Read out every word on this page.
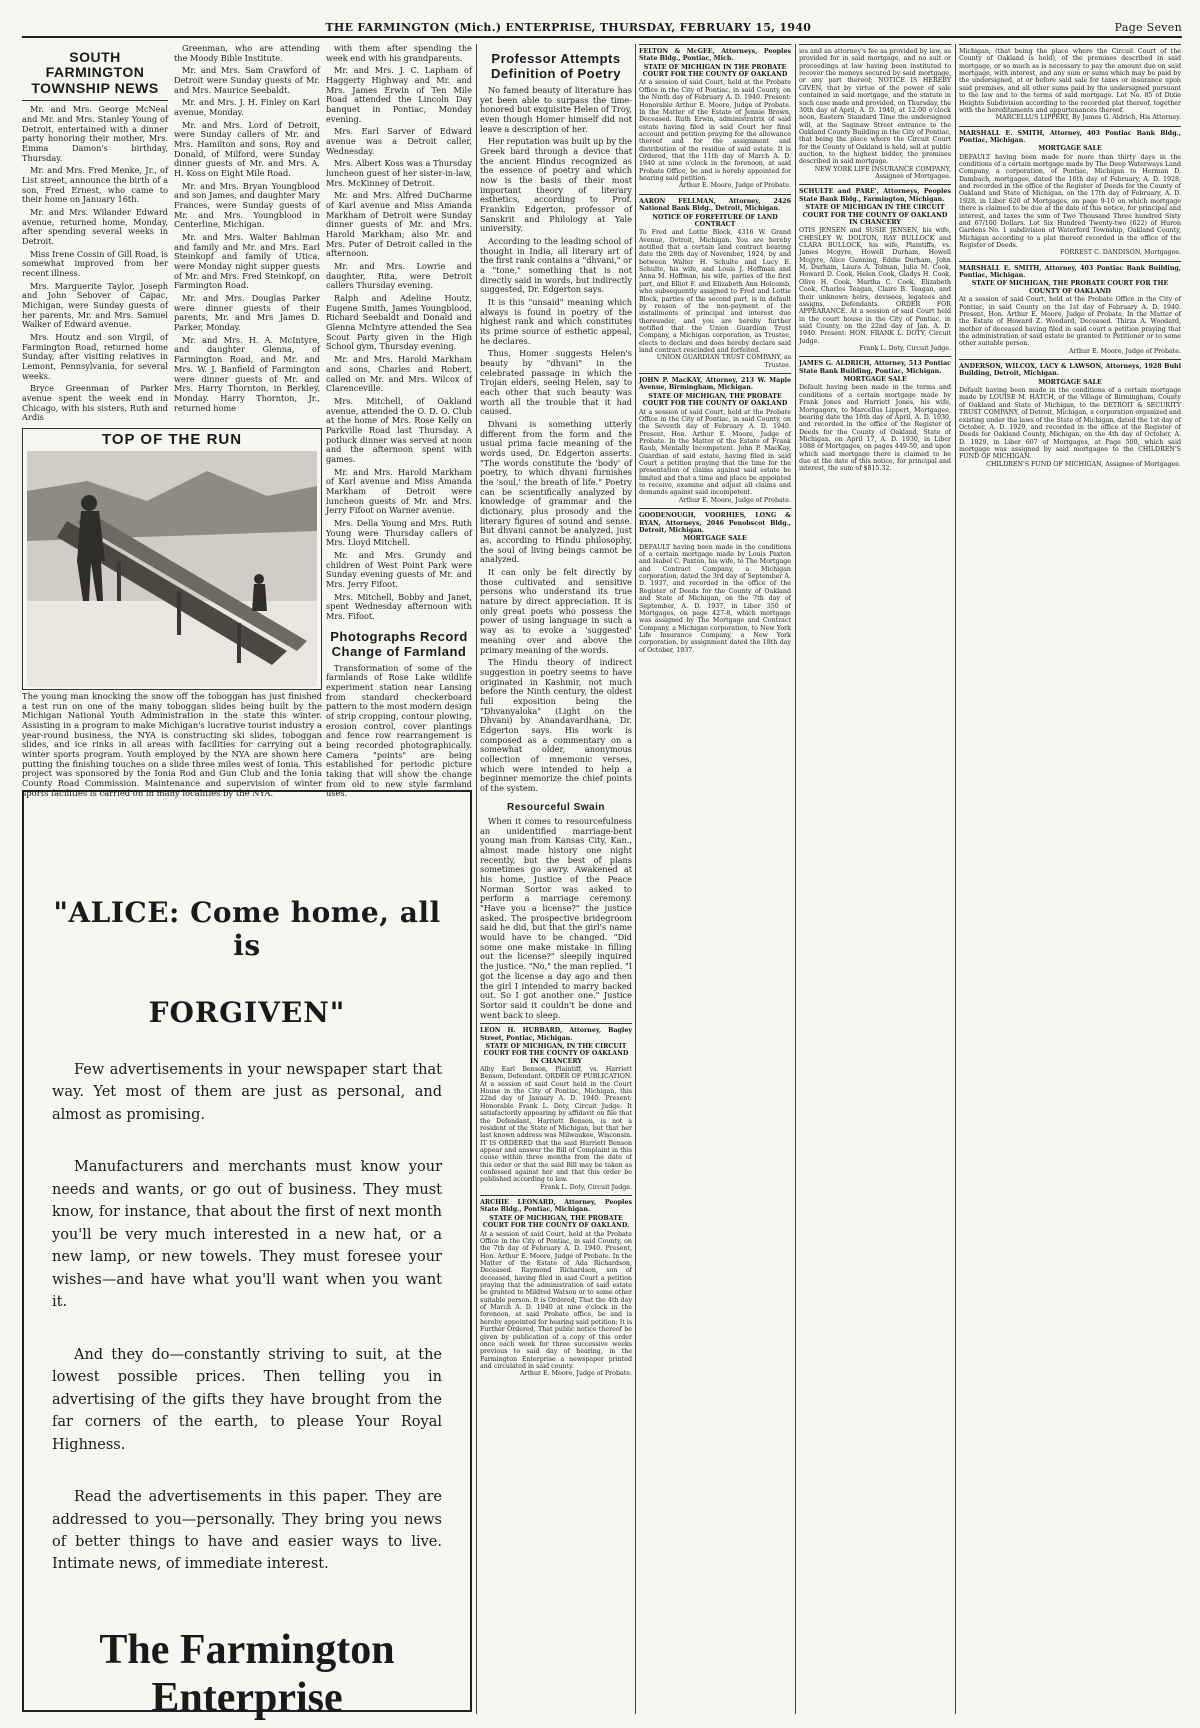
THE FARMINGTON (Mich.) ENTERPRISE, THURSDAY, FEBRUARY 15, 1940	Page Seven
SOUTH FARMINGTON TOWNSHIP NEWS

Mr. and Mrs. George McNeal and Mr. and Mrs. Stanley Young of Detroit, entertained with a dinner party honoring their mother, Mrs. Emma Damon's birthday, Thursday.

Mr. and Mrs. Fred Menke, Jr., of List street, announce the birth of a son, Fred Ernest, who came to their home on January 16th.

Mr. and Mrs. Wilander Edward avenue, returned home, Monday, after spending several weeks in Detroit.

Miss Irene Cossin of Gill Road, is somewhat improved from her recent illness.

Mrs. Marguerite Taylor, Joseph and John Sebover of Capac, Michigan, were Sunday guests of her parents, Mr. and Mrs. Samuel Walker of Edward avenue.

Mrs. Houtz and son Virgil, of Farmington Road, returned home Sunday, after visiting relatives in Lemont, Pennsylvania, for several weeks.

Bryce Greenman of Parker avenue spent the week end in Chicago, with his sisters, Ruth and Ardis

Greenman, who are attending the Moody Bible Institute.

Mr. and Mrs. Sam Crawford of Detroit were Sunday guests of Mr. and Mrs. Maurice Seebaldt.

Mr. and Mrs. J. H. Finley on Karl avenue, Monday.

Mr. and Mrs. Lord of Detroit, were Sunday callers of Mr. and Mrs. Hamilton and sons, Roy and Donald, of Milford, were Sunday dinner guests of Mr. and Mrs. A. H. Koss on Eight Mile Road.

Mr. and Mrs. Bryan Youngblood and son James, and daughter Mary Frances, were Sunday guests of Mr. and Mrs. Youngblood in Centerline, Michigan.

Mr. and Mrs. Walter Bahlman and family and Mr. and Mrs. Earl Steinkopf and family of Utica, were Monday night supper guests of Mr. and Mrs. Fred Steinkopf, on Farmington Road.

Mr. and Mrs. Douglas Parker were dinner guests of their parents, Mr. and Mrs James D. Parker, Monday.

Mr. and Mrs. H. A. McIntyre, and daughter Glenna, of Farmington Road, and Mr. and Mrs. W. J. Banfield of Farmington were dinner guests of Mr. and Mrs. Harry Thornton, in Berkley, Monday. Harry Thornton, Jr., returned home

with them after spending the week end with his grandparents.

Mr. and Mrs. J. C. Lapham of Haggerty Highway and Mr. and Mrs. James Erwin of Ten Mile Road attended the Lincoln Day banquet in Pontiac, Monday evening.

Mrs. Earl Sarver of Edward avenue was a Detroit caller, Wednesday.

Mrs. Albert Koss was a Thursday luncheon guest of her sister-in-law, Mrs. McKinney of Detroit.

Mr. and Mrs. Alfred DuCharme of Karl avenue and Miss Amanda Markham of Detroit were Sunday dinner guests of Mr. and Mrs. Harold Markham; also Mr. and Mrs. Puter of Detroit called in the afternoon.

Mr. and Mrs. Lowrie and daughter, Rita, were Detroit callers Thursday evening.

Ralph and Adeline Houtz, Eugene Smith, James Youngblood, Richard Seebaldt and Donald and Glenna McIntyre attended the Sea Scout Party given in the High School gym, Thursday evening.

Mr. and Mrs. Harold Markham and sons, Charles and Robert, called on Mr. and Mrs. Wilcox of Clarenceville.

Mrs. Mitchell, of Oakland avenue, attended the O. D. O. Club at the home of Mrs. Rose Kelly on Parkville Road last Thursday. A potluck dinner was served at noon and the afternoon spent with games.

Mr. and Mrs. Harold Markham of Karl avenue and Miss Amanda Markham of Detroit were luncheon guests of Mr. and Mrs. Jerry Fifoot on Warner avenue.

Mrs. Della Young and Mrs. Ruth Young were Thursday callers of Mrs. Lloyd Mitchell.

Mr. and Mrs. Grundy and children of West Point Park were Sunday evening guests of Mr. and Mrs. Jerry Fifoot.

Mrs. Mitchell, Bobby and Janet, spent Wednesday afternoon with Mrs. Fifoot.

Photographs Record Change of Farmland

Transformation of some of the farmlands of Rose Lake wildlife experiment station near Lansing from standard checkerboard pattern to the most modern design of strip cropping, contour plowing, erosion control, cover plantings and fence row rearrangement is being recorded photographically. Camera "points" are being established for periodic picture taking that will show the change from old to new style farmland uses.

TOP OF THE RUN
The young man knocking the snow off the toboggan has just finished a test run on one of the many toboggan slides being built by the Michigan National Youth Administration in the state this winter. Assisting in a program to make Michigan's lucrative tourist industry a year-round business, the NYA is constructing ski slides, toboggan slides, and ice rinks in all areas with facilities for carrying out a winter sports program. Youth employed by the NYA are shown here putting the finishing touches on a slide three miles west of Ionia. This project was sponsored by the Ionia Rod and Gun Club and the Ionia County Road Commission. Maintenance and supervision of winter sports facilities is carried on in many localities by the NYA.
"ALICE: Come home, all is
FORGIVEN"

Few advertisements in your newspaper start that way. Yet most of them are just as personal, and almost as promising.

Manufacturers and merchants must know your needs and wants, or go out of business. They must know, for instance, that about the first of next month you'll be very much interested in a new hat, or a new lamp, or new towels. They must foresee your wishes—and have what you'll want when you want it.

And they do—constantly striving to suit, at the lowest possible prices. Then telling you in advertising of the gifts they have brought from the far corners of the earth, to please Your Royal Highness.

Read the advertisements in this paper. They are addressed to you—personally. They bring you news of better things to have and easier ways to live. Intimate news, of immediate interest.

The Farmington
Enterprise
Professor Attempts Definition of Poetry

No famed beauty of literature has yet been able to surpass the time-honored but exquisite Helen of Troy, even though Homer himself did not leave a description of her.

Her reputation was built up by the Greek bard through a device that the ancient Hindus recognized as the essence of poetry and which now is the basis of their most important theory of literary esthetics, according to Prof. Franklin Edgerton, professor of Sanskrit and Philology at Yale university.

According to the leading school of thought in India, all literary art of the first rank contains a "dhvani," or a "tone," something that is not directly said in words, but indirectly suggested, Dr. Edgerton says.

It is this "unsaid" meaning which always is found in poetry of the highest rank and which constitutes its prime source of esthetic appeal, he declares.

Thus, Homer suggests Helen's beauty by "dhvani" in the celebrated passage in which the Trojan elders, seeing Helen, say to each other that such beauty was worth all the trouble that it had caused.

Dhvani is something utterly different from the form and the usual prima facie meaning of the words used, Dr. Edgerton asserts. "The words constitute the 'body' of poetry, to which dhvani furnishes the 'soul,' the breath of life." Poetry can be scientifically analyzed by knowledge of grammar and the dictionary, plus prosody and the literary figures of sound and sense. But dhvani cannot be analyzed, just as, according to Hindu philosophy, the soul of living beings cannot be analyzed.

It can only be felt directly by those cultivated and sensitive persons who understand its true nature by direct appreciation. It is only great poets who possess the power of using language in such a way as to evoke a 'suggested' meaning over and above the primary meaning of the words.

The Hindu theory of indirect suggestion in poetry seems to have originated in Kashmir, not much before the Ninth century, the oldest full exposition being the "Dhvanyaloka" (Light on the Dhvani) by Anandavardhana, Dr. Edgerton says. His work is composed as a commentary on a somewhat older, anonymous collection of mnemonic verses, which were intended to help a beginner memorize the chief points of the system.

Resourceful Swain

When it comes to resourcefulness an unidentified marriage-bent young man from Kansas City, Kan., almost made history one night recently, but the best of plans sometimes go awry. Awakened at his home, Justice of the Peace Norman Sortor was asked to perform a marriage ceremony. "Have you a license?" the justice asked. The prospective bridegroom said he did, but that the girl's name would have to be changed. "Did some one make mistake in filling out the license?" sleepily inquired the justice. "No," the man replied. "I got the license a day ago and then the girl I intended to marry backed out. So I got another one." Justice Sortor said it couldn't be done and went back to sleep.

LEON H. HUBBARD, Attorney, Bagley Street, Pontiac, Michigan.
STATE OF MICHIGAN, IN THE CIRCUIT COURT FOR THE COUNTY OF OAKLAND IN CHANCERY
Alby Earl Benson, Plaintiff, vs. Harriett Benson, Defendant. ORDER OF PUBLICATION. At a session of said Court held in the Court House in the City of Pontiac, Michigan, this 22nd day of January A. D. 1940. Present: Honorable Frank L. Doty, Circuit Judge. It satisfactorily appearing by affidavit on file that the Defendant, Harriett Benson, is not a resident of the State of Michigan, but that her last known address was Milwaukee, Wisconsin. IT IS ORDERED that the said Harriett Benson appear and answer the Bill of Complaint in this cause within three months from the date of this order or that the said Bill may be taken as confessed against her and that this order be published according to law.
Frank L. Doty, Circuit Judge.
ARCHIE LEONARD, Attorney, Peoples State Bldg., Pontiac, Michigan.
STATE OF MICHIGAN, THE PROBATE COURT FOR THE COUNTY OF OAKLAND.
At a session of said Court, held at the Probate Office in the City of Pontiac, in said County, on the 7th day of February A. D. 1940. Present, Hon. Arthur E. Moore, Judge of Probate. In the Matter of the Estate of Ada Richardson, Deceased. Raymond Richardson, son of deceased, having filed in said Court a petition praying that the administration of said estate be granted to Mildred Watson or to some other suitable person. It is Ordered, That the 4th day of March A. D. 1940 at nine o'clock in the forenoon, at said Probate office, be and is hereby appointed for hearing said petition; It is Further Ordered, That public notice thereof be given by publication of a copy of this order once each week for three successive weeks previous to said day of hearing, in the Farmington Enterprise a newspaper printed and circulated in said county.
Arthur E. Moore, Judge of Probate.
FELTON & McGEE, Attorneys, Peoples State Bldg., Pontiac, Mich.
STATE OF MICHIGAN IN THE PROBATE COURT FOR THE COUNTY OF OAKLAND
At a session of said Court, held at the Probate Office in the City of Pontiac, in said County, on the Ninth day of February A. D. 1940. Present: Honorable Arthur E. Moore, Judge of Probate. In the Matter of the Estate of Jennie Brown, Deceased. Ruth Erwin, administratrix of said estate having filed in said Court her final account and petition praying for the allowance thereof and for the assignment and distribution of the residue of said estate. It is Ordered, that the 11th day of March A. D. 1940 at nine o'clock in the forenoon, at said Probate Office, be and is hereby appointed for hearing said petition.
Arthur E. Moore, Judge of Probate.
AARON FELLMAN, Attorney, 2426 National Bank Bldg., Detroit, Michigan.
NOTICE OF FORFEITURE OF LAND CONTRACT
To Fred and Lottie Block, 4316 W. Grand Avenue, Detroit, Michigan. You are hereby notified that a certain land contract bearing date the 28th day of November, 1924, by and between Walter H. Schulte and Lucy E. Schulte, his wife, and Louis J. Hoffman and Anna M. Hoffman, his wife, parties of the first part, and Elliot F. and Elizabeth Ann Holcomb, who subsequently assigned to Fred and Lottie Block, parties of the second part, is in default by reason of the non-payment of the installments of principal and interest due thereunder, and you are hereby further notified that the Union Guardian Trust Company, a Michigan corporation, as Trustee, elects to declare and does hereby declare said land contract rescinded and forfeited.
UNION GUARDIAN TRUST COMPANY, as Trustee.
JOHN P. MacKAY, Attorney, 213 W. Maple Avenue, Birmingham, Michigan.
STATE OF MICHIGAN, THE PROBATE COURT FOR THE COUNTY OF OAKLAND
At a session of said Court, held at the Probate Office in the City of Pontiac, in said County, on the Seventh day of February A. D. 1940. Present, Hon. Arthur E. Moore, Judge of Probate. In the Matter of the Estate of Frank Raub, Mentally Incompetent. John P. MacKay, Guardian of said estate, having filed in said Court a petition praying that the time for the presentation of claims against said estate be limited and that a time and place be appointed to receive, examine and adjust all claims and demands against said incompetent.
Arthur E. Moore, Judge of Probate.
GOODENOUGH, VOORHIES, LONG & RYAN, Attorneys, 2046 Penobscot Bldg., Detroit, Michigan.
MORTGAGE SALE
DEFAULT having been made in the conditions of a certain mortgage made by Louis Paxton and Isabel C. Paxton, his wife, to The Mortgage and Contract Company, a Michigan corporation, dated the 3rd day of September A. D. 1937, and recorded in the office of the Register of Deeds for the County of Oakland and State of Michigan, on the 7th day of September, A. D. 1937, in Liber 350 of Mortgages, on page 427-8, which mortgage was assigned by The Mortgage and Contract Company, a Michigan corporation, to New York Life Insurance Company, a New York corporation, by assignment dated the 18th day of October, 1937.
ies and an attorney's fee as provided by law, as provided for in said mortgage, and no suit or proceedings at law having been instituted to recover the moneys secured by said mortgage, or any part thereof; NOTICE IS HEREBY GIVEN, that by virtue of the power of sale contained in said mortgage, and the statute in such case made and provided, on Thursday, the 30th day of April, A. D. 1940, at 12:00 o'clock noon, Eastern Standard Time the undersigned will, at the Saginaw Street entrance to the Oakland County Building in the City of Pontiac, that being the place where the Circuit Court for the County of Oakland is held, sell at public auction, to the highest bidder, the premises described in said mortgage.
NEW YORK LIFE INSURANCE COMPANY, Assignee of Mortgagee.
SCHULTE and PARE', Attorneys, Peoples State Bank Bldg., Farmington, Michigan.
STATE OF MICHIGAN IN THE CIRCUIT COURT FOR THE COUNTY OF OAKLAND IN CHANCERY
OTIS JENSEN and SUSIE JENSEN, his wife, CHESLEY W. DOLTON, RAY BULLOCK and CLARA BULLOCK, his wife, Plaintiffs, vs. James Mcgyre, Howell Durham, Howell Mcgyre, Alice Gunning, Eddie Durham, John M. Durham, Laura A. Tolman, Julia M. Cook, Howard D. Cook, Helen Cook, Gladys H. Cook, Olive H. Cook, Martha C. Cook, Elizabeth Cook, Charles Teagan, Claire B. Teagan, and their unknown heirs, devisees, legatees and assigns, Defendants. ORDER FOR APPEARANCE. At a session of said Court held in the court house in the City of Pontiac, in said County, on the 22nd day of Jan. A. D. 1940. Present: HON. FRANK L. DOTY, Circuit Judge.
Frank L. Doty, Circuit Judge.
JAMES G. ALDRICH, Attorney, 513 Pontiac State Bank Building, Pontiac, Michigan.
MORTGAGE SALE
Default having been made in the terms and conditions of a certain mortgage made by Frank Jones and Harriett Jones, his wife, Mortgagors, to Marcellus Lippert, Mortgagee, bearing date the 16th day of April, A. D. 1930, and recorded in the office of the Register of Deeds for the County of Oakland, State of Michigan, on April 17, A. D. 1930, in Liber 1088 of Mortgages, on pages 449-50, and upon which said mortgage there is claimed to be due at the date of this notice, for principal and interest, the sum of $815.32.
Michigan, (that being the place where the Circuit Court of the County of Oakland is held), of the premises described in said mortgage, or so much as is necessary to pay the amount due on said mortgage, with interest, and any sum or sums which may be paid by the undersigned, at or before said sale for taxes or insurance upon said premises, and all other sums paid by the undersigned pursuant to the law and to the terms of said mortgage. Lot No. 85 of Dixie Heights Subdivision according to the recorded plat thereof, together with the hereditaments and appurtenances thereof.
MARCELLUS LIPPERT, By James G. Aldrich, His Attorney.
MARSHALL E. SMITH, Attorney, 403 Pontiac Bank Bldg., Pontiac, Michigan.
MORTGAGE SALE
DEFAULT having been made for more than thirty days in the conditions of a certain mortgage made by The Deep Waterways Land Company, a corporation, of Pontiac, Michigan to Herman D. Dambach, mortgagee, dated the 16th day of February, A. D. 1928, and recorded in the office of the Register of Deeds for the County of Oakland and State of Michigan, on the 17th day of February, A. D. 1928, in Liber 620 of Mortgages, on page 9-10 on which mortgage there is claimed to be due at the date of this notice, for principal and interest, and taxes the sum of Two Thousand Three hundred Sixty and 67/100 Dollars. Lot Six Hundred Twenty-two (622) of Huron Gardens No. 1 subdivision of Waterford Township, Oakland County, Michigan according to a plat thereof recorded in the office of the Register of Deeds.
FORREST C. DANDISON, Mortgagee.
MARSHALL E. SMITH, Attorney, 403 Pontiac Bank Building, Pontiac, Michigan.
STATE OF MICHIGAN, THE PROBATE COURT FOR THE COUNTY OF OAKLAND
At a session of said Court, held at the Probate Office in the City of Pontiac, in said County on the 1st day of February A. D. 1940. Present, Hon. Arthur E. Moore, Judge of Probate. In the Matter of the Estate of Howard Z. Woodard, Deceased. Thirza A. Woodard, mother of deceased having filed in said court a petition praying that the administration of said estate be granted to Petitioner or to some other suitable person.
Arthur E. Moore, Judge of Probate.
ANDERSON, WILCOX, LACY & LAWSON, Attorneys, 1928 Buhl Building, Detroit, Michigan.
MORTGAGE SALE
Default having been made in the conditions of a certain mortgage made by LOUISE M. HATCH, of the Village of Birmingham, County of Oakland and State of Michigan, to the DETROIT & SECURITY TRUST COMPANY, of Detroit, Michigan, a corporation organized and existing under the laws of the State of Michigan, dated the 1st day of October, A. D. 1929, and recorded in the office of the Register of Deeds for Oakland County, Michigan, on the 4th day of October, A. D. 1929, in Liber 607 of Mortgages, at Page 500, which said mortgage was assigned by said mortgagee to the CHILDREN'S FUND OF MICHIGAN.
CHILDREN'S FUND OF MICHIGAN, Assignee of Mortgagee.
